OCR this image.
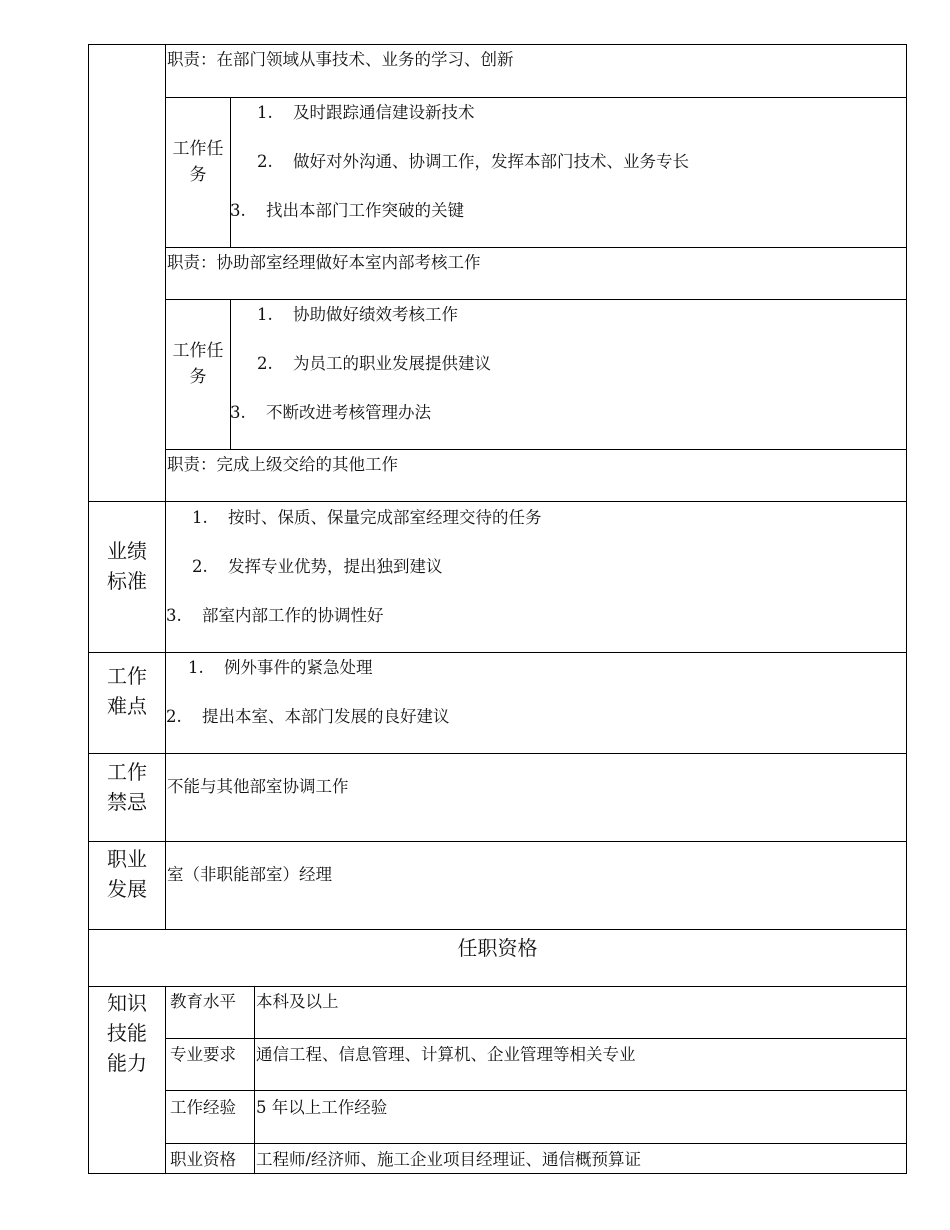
职责：在部门领域从事技术、业务的学习、创新
工作任务
1. 及时跟踪通信建设新技术
2. 做好对外沟通、协调工作，发挥本部门技术、业务专长
3. 找出本部门工作突破的关键
职责：协助部室经理做好本室内部考核工作
工作任务
1. 协助做好绩效考核工作
2. 为员工的职业发展提供建议
3. 不断改进考核管理办法
职责：完成上级交给的其他工作
业绩标准
1. 按时、保质、保量完成部室经理交待的任务
2. 发挥专业优势，提出独到建议
3. 部室内部工作的协调性好
工作难点
1. 例外事件的紧急处理
2. 提出本室、本部门发展的良好建议
工作禁忌
不能与其他部室协调工作
职业发展
室（非职能部室）经理
任职资格
知识技能能力
教育水平 本科及以上
专业要求 通信工程、信息管理、计算机、企业管理等相关专业
工作经验 5 年以上工作经验
职业资格 工程师/经济师、施工企业项目经理证、通信概预算证
